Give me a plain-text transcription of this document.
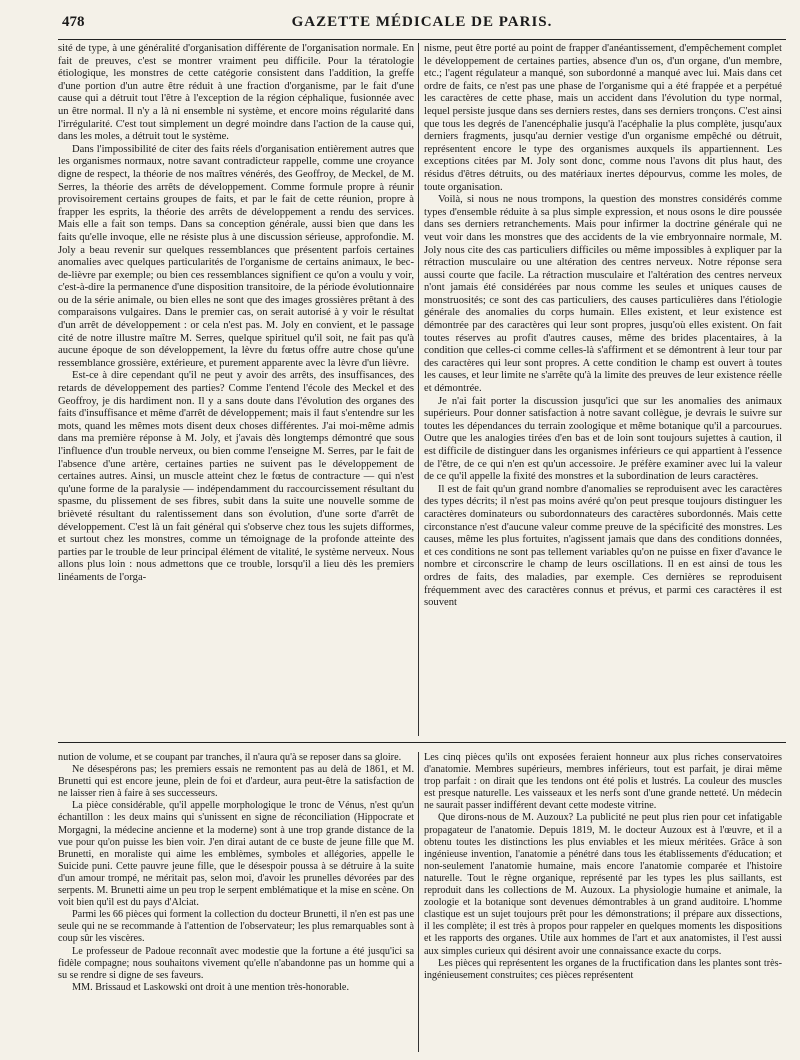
GAZETTE MÉDICALE DE PARIS.
478

sité de type, à une généralité d'organisation différente de l'organisation normale. En fait de preuves, c'est se montrer vraiment peu difficile. Pour la tératologie étiologique, les monstres de cette catégorie consistent dans l'addition, la greffe d'une portion d'un autre être réduit à une fraction d'organisme, par le fait d'une cause qui a détruit tout l'être à l'exception de la région céphalique, fusionnée avec un être normal. Il n'y a là ni ensemble ni système, et encore moins régularité dans l'irrégularité. C'est tout simplement un degré moindre dans l'action de la cause qui, dans les moles, a détruit tout le système.

Dans l'impossibilité de citer des faits réels d'organisation entièrement autres que les organismes normaux, notre savant contradicteur rappelle, comme une croyance digne de respect, la théorie de nos maîtres vénérés, des Geoffroy, de Meckel, de M. Serres, la théorie des arrêts de développement. Comme formule propre à réunir provisoirement certains groupes de faits, et par le fait de cette réunion, propre à frapper les esprits, la théorie des arrêts de développement a rendu des services. Mais elle a fait son temps. Dans sa conception générale, aussi bien que dans les faits qu'elle invoque, elle ne résiste plus à une discussion sérieuse, approfondie. M. Joly a beau revenir sur quelques ressemblances que présentent parfois certaines anomalies avec quelques particularités de l'organisme de certains animaux, le bec-de-lièvre par exemple; ou bien ces ressemblances signifient ce qu'on a voulu y voir, c'est-à-dire la permanence d'une disposition transitoire, de la période évolutionnaire ou de la série animale, ou bien elles ne sont que des images grossières prêtant à des comparaisons vulgaires. Dans le premier cas, on serait autorisé à y voir le résultat d'un arrêt de développement : or cela n'est pas. M. Joly en convient, et le passage cité de notre illustre maître M. Serres, quelque spirituel qu'il soit, ne fait pas qu'à aucune époque de son développement, la lèvre du fœtus offre autre chose qu'une ressemblance grossière, extérieure, et purement apparente avec la lèvre d'un lièvre.

Est-ce à dire cependant qu'il ne peut y avoir des arrêts, des insuffisances, des retards de développement des parties? Comme l'entend l'école des Meckel et des Geoffroy, je dis hardiment non. Il y a sans doute dans l'évolution des organes des faits d'insuffisance et même d'arrêt de développement; mais il faut s'entendre sur les mots, quand les mêmes mots disent deux choses différentes. J'ai moi-même admis dans ma première réponse à M. Joly, et j'avais dès longtemps démontré que sous l'influence d'un trouble nerveux, ou bien comme l'enseigne M. Serres, par le fait de l'absence d'une artère, certaines parties ne suivent pas le développement de certaines autres. Ainsi, un muscle atteint chez le fœtus de contracture — qui n'est qu'une forme de la paralysie — indépendamment du raccourcissement résultant du spasme, du plissement de ses fibres, subit dans la suite une nouvelle somme de brièveté résultant du ralentissement dans son évolution, d'une sorte d'arrêt de développement. C'est là un fait général qui s'observe chez tous les sujets difformes, et surtout chez les monstres, comme un témoignage de la profonde atteinte des parties par le trouble de leur principal élément de vitalité, le système nerveux. Nous allons plus loin : nous admettons que ce trouble, lorsqu'il a lieu dès les premiers linéaments de l'orga-

nisme, peut être porté au point de frapper d'anéantissement, d'empêchement complet le développement de certaines parties, absence d'un os, d'un organe, d'un membre, etc.; l'agent régulateur a manqué, son subordonné a manqué avec lui. Mais dans cet ordre de faits, ce n'est pas une phase de l'organisme qui a été frappée et a perpétué les caractères de cette phase, mais un accident dans l'évolution du type normal, lequel persiste jusque dans ses derniers restes, dans ses derniers tronçons. C'est ainsi que tous les degrés de l'anencéphalie jusqu'à l'acéphalie la plus complète, jusqu'aux derniers fragments, jusqu'au dernier vestige d'un organisme empêché ou détruit, représentent encore le type des organismes auxquels ils appartiennent. Les exceptions citées par M. Joly sont donc, comme nous l'avons dit plus haut, des résidus d'êtres détruits, ou des matériaux inertes dépourvus, comme les moles, de toute organisation.

Voilà, si nous ne nous trompons, la question des monstres considérés comme types d'ensemble réduite à sa plus simple expression, et nous osons le dire poussée dans ses derniers retranchements. Mais pour infirmer la doctrine générale qui ne veut voir dans les monstres que des accidents de la vie embryonnaire normale, M. Joly nous cite des cas particuliers difficiles ou même impossibles à expliquer par la rétraction musculaire ou une altération des centres nerveux. Notre réponse sera aussi courte que facile. La rétraction musculaire et l'altération des centres nerveux n'ont jamais été considérées par nous comme les seules et uniques causes de monstruosités; ce sont des cas particuliers, des causes particulières dans l'étiologie générale des anomalies du corps humain. Elles existent, et leur existence est démontrée par des caractères qui leur sont propres, jusqu'où elles existent. On fait toutes réserves au profit d'autres causes, même des brides placentaires, à la condition que celles-ci comme celles-là s'affirment et se démontrent à leur tour par des caractères qui leur sont propres. A cette condition le champ est ouvert à toutes les causes, et leur limite ne s'arrête qu'à la limite des preuves de leur existence réelle et démontrée.

Je n'ai fait porter la discussion jusqu'ici que sur les anomalies des animaux supérieurs. Pour donner satisfaction à notre savant collègue, je devrais le suivre sur toutes les dépendances du terrain zoologique et même botanique qu'il a parcourues. Outre que les analogies tirées d'en bas et de loin sont toujours sujettes à caution, il est difficile de distinguer dans les organismes inférieurs ce qui appartient à l'essence de l'être, de ce qui n'en est qu'un accessoire. Je préfère examiner avec lui la valeur de ce qu'il appelle la fixité des monstres et la subordination de leurs caractères.

Il est de fait qu'un grand nombre d'anomalies se reproduisent avec les caractères des types décrits; il n'est pas moins avéré qu'on peut presque toujours distinguer les caractères dominateurs ou subordonnateurs des caractères subordonnés. Mais cette circonstance n'est d'aucune valeur comme preuve de la spécificité des monstres. Les causes, même les plus fortuites, n'agissent jamais que dans des conditions données, et ces conditions ne sont pas tellement variables qu'on ne puisse en fixer d'avance le nombre et circonscrire le champ de leurs oscillations. Il en est ainsi de tous les ordres de faits, des maladies, par exemple. Ces dernières se reproduisent fréquemment avec des caractères connus et prévus, et parmi ces caractères il est souvent

nution de volume, et se coupant par tranches, il n'aura qu'à se reposer dans sa gloire.

Ne désespérons pas; les premiers essais ne remontent pas au delà de 1861, et M. Brunetti qui est encore jeune, plein de foi et d'ardeur, aura peut-être la satisfaction de ne laisser rien à faire à ses successeurs.

La pièce considérable, qu'il appelle morphologique le tronc de Vénus, n'est qu'un échantillon : les deux mains qui s'unissent en signe de réconciliation (Hippocrate et Morgagni, la médecine ancienne et la moderne) sont à une trop grande distance de la vue pour qu'on puisse les bien voir. J'en dirai autant de ce buste de jeune fille que M. Brunetti, en moraliste qui aime les emblèmes, symboles et allégories, appelle le Suicide puni. Cette pauvre jeune fille, que le désespoir poussa à se détruire à la suite d'un amour trompé, ne méritait pas, selon moi, d'avoir les prunelles dévorées par des serpents. M. Brunetti aime un peu trop le serpent emblématique et la mise en scène. On voit bien qu'il est du pays d'Alciat.

Parmi les 66 pièces qui forment la collection du docteur Brunetti, il n'en est pas une seule qui ne se recommande à l'attention de l'observateur; les plus remarquables sont à coup sûr les viscères.

Le professeur de Padoue reconnaît avec modestie que la fortune a été jusqu'ici sa fidèle compagne; nous souhaitons vivement qu'elle n'abandonne pas un homme qui a su se rendre si digne de ses faveurs.

MM. Brissaud et Laskowski ont droit à une mention très-honorable.

Les cinq pièces qu'ils ont exposées feraient honneur aux plus riches conservatoires d'anatomie. Membres supérieurs, membres inférieurs, tout est parfait, je dirai même trop parfait : on dirait que les tendons ont été polis et lustrés. La couleur des muscles est presque naturelle. Les vaisseaux et les nerfs sont d'une grande netteté. Un médecin ne saurait passer indifférent devant cette modeste vitrine.

Que dirons-nous de M. Auzoux? La publicité ne peut plus rien pour cet infatigable propagateur de l'anatomie. Depuis 1819, M. le docteur Auzoux est à l'œuvre, et il a obtenu toutes les distinctions les plus enviables et les mieux méritées. Grâce à son ingénieuse invention, l'anatomie a pénétré dans tous les établissements d'éducation; et non-seulement l'anatomie humaine, mais encore l'anatomie comparée et l'histoire naturelle. Tout le règne organique, représenté par les types les plus saillants, est reproduit dans les collections de M. Auzoux. La physiologie humaine et animale, la zoologie et la botanique sont devenues démontrables à un grand auditoire. L'homme clastique est un sujet toujours prêt pour les démonstrations; il prépare aux dissections, il les complète; il est très à propos pour rappeler en quelques moments les dispositions et les rapports des organes. Utile aux hommes de l'art et aux anatomistes, il l'est aussi aux simples curieux qui désirent avoir une connaissance exacte du corps.

Les pièces qui représentent les organes de la fructification dans les plantes sont très-ingénieusement construites; ces pièces représentent
